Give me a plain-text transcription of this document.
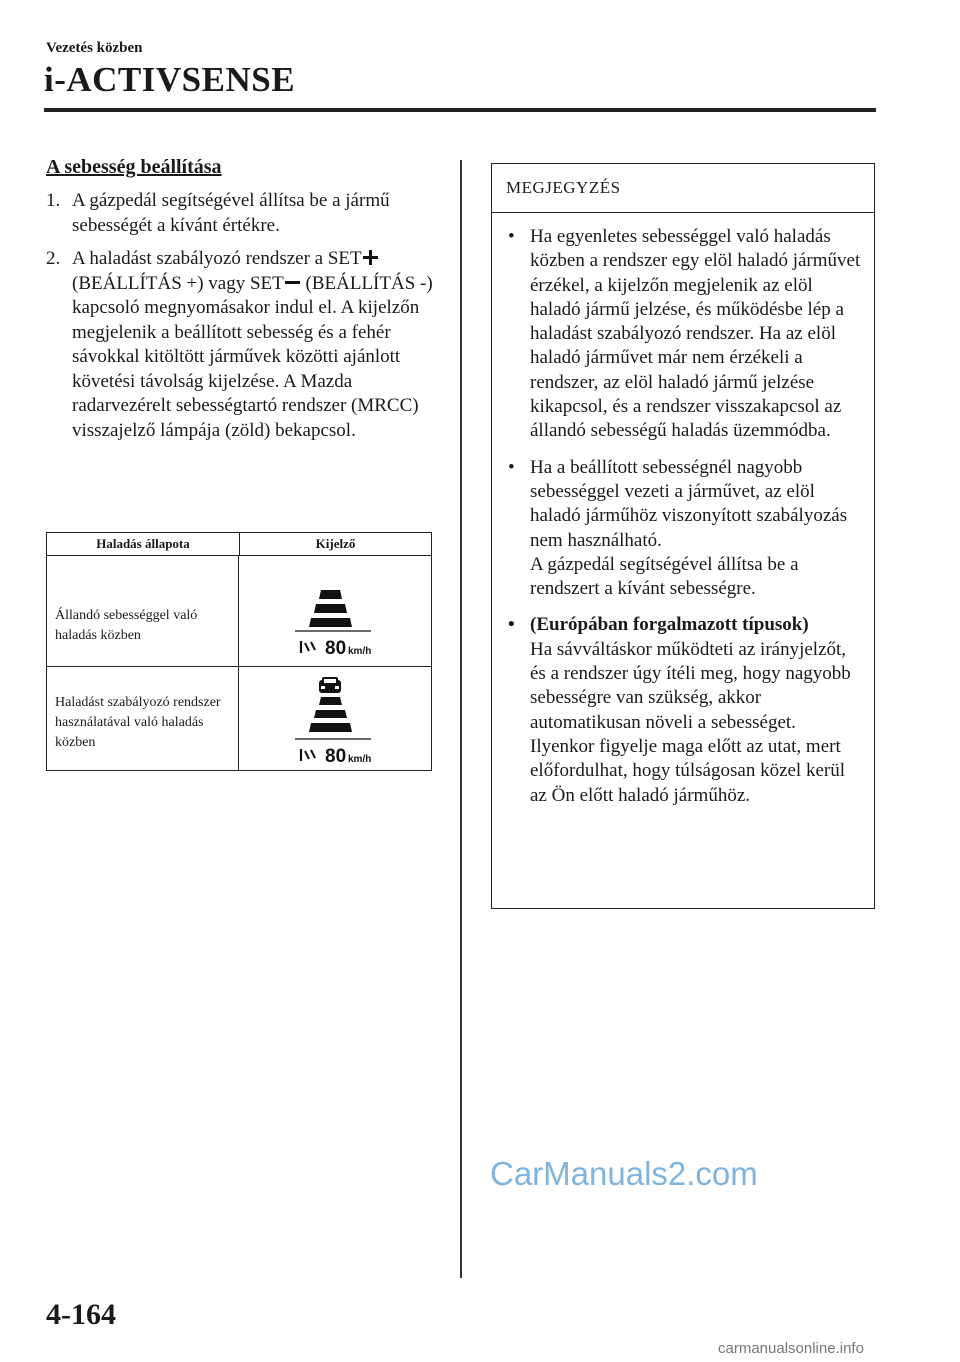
Vezetés közben
i-ACTIVSENSE
A sebesség beállítása
1. A gázpedál segítségével állítsa be a jármű sebességét a kívánt értékre.
2. A haladást szabályozó rendszer a SET (BEÁLLÍTÁS +) vagy SET (BEÁLLÍTÁS -) kapcsoló megnyomásakor indul el. A kijelzőn megjelenik a beállított sebesség és a fehér sávokkal kitöltött járművek közötti ajánlott követési távolság kijelzése. A Mazda radarvezérelt sebességtartó rendszer (MRCC) visszajelző lámpája (zöld) bekapcsol.
Haladás állapota	Kijelző
Állandó sebességgel való haladás közben
80 km/h
Haladást szabályozó rendszer használatával való haladás közben
80 km/h
MEGJEGYZÉS
• Ha egyenletes sebességgel való haladás közben a rendszer egy elöl haladó járművet érzékel, a kijelzőn megjelenik az elöl haladó jármű jelzése, és működésbe lép a haladást szabályozó rendszer. Ha az elöl haladó járművet már nem érzékeli a rendszer, az elöl haladó jármű jelzése kikapcsol, és a rendszer visszakapcsol az állandó sebességű haladás üzemmódba.
• Ha a beállított sebességnél nagyobb sebességgel vezeti a járművet, az elöl haladó járműhöz viszonyított szabályozás nem használható.
A gázpedál segítségével állítsa be a rendszert a kívánt sebességre.
• (Európában forgalmazott típusok)
Ha sávváltáskor működteti az irányjelzőt, és a rendszer úgy ítéli meg, hogy nagyobb sebességre van szükség, akkor automatikusan növeli a sebességet. Ilyenkor figyelje maga előtt az utat, mert előfordulhat, hogy túlságosan közel kerül az Ön előtt haladó járműhöz.
CarManuals2.com
4-164
carmanualsonline.info
